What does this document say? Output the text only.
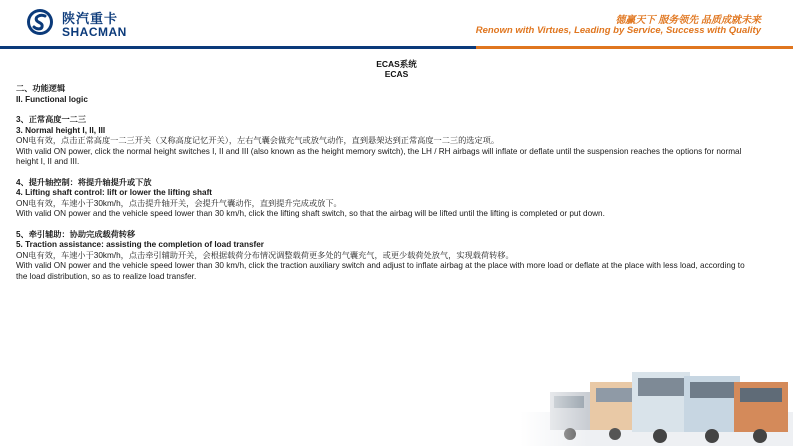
陕汽重卡
SHACMAN
德赢天下 服务领先 品质成就未来
Renown with Virtues, Leading by Service, Success with Quality
ECAS系统
ECAS

二、功能逻辑

II. Functional logic

3、正常高度一二三

3. Normal height I, II, III

ON电有效，点击正常高度一二三开关（又称高度记忆开关），左右气囊会做充气或放气动作，直到悬架达到正常高度一二三的选定项。

With valid ON power, click the normal height switches I, II and III (also known as the height memory switch), the LH / RH airbags will inflate or deflate until the suspension reaches the options for normal height I, II and III.

4、提升轴控制：将提升轴提升或下放

4. Lifting shaft control: lift or lower the lifting shaft

ON电有效，车速小于30km/h，点击提升轴开关，会提升气囊动作，直到提升完成或放下。

With valid ON power and the vehicle speed lower than 30 km/h, click the lifting shaft switch, so that the airbag will be lifted until the lifting is completed or put down.

5、牵引辅助：协助完成载荷转移

5. Traction assistance: assisting the completion of load transfer

ON电有效，车速小于30km/h，点击牵引辅助开关，会根据载荷分布情况调整载荷更多处的气囊充气，或更少载荷处放气，实现载荷转移。

With valid ON power and the vehicle speed lower than 30 km/h, click the traction auxiliary switch and adjust to inflate airbag at the place with more load or deflate at the place with less load, according to the load distribution, so as to realize load transfer.
